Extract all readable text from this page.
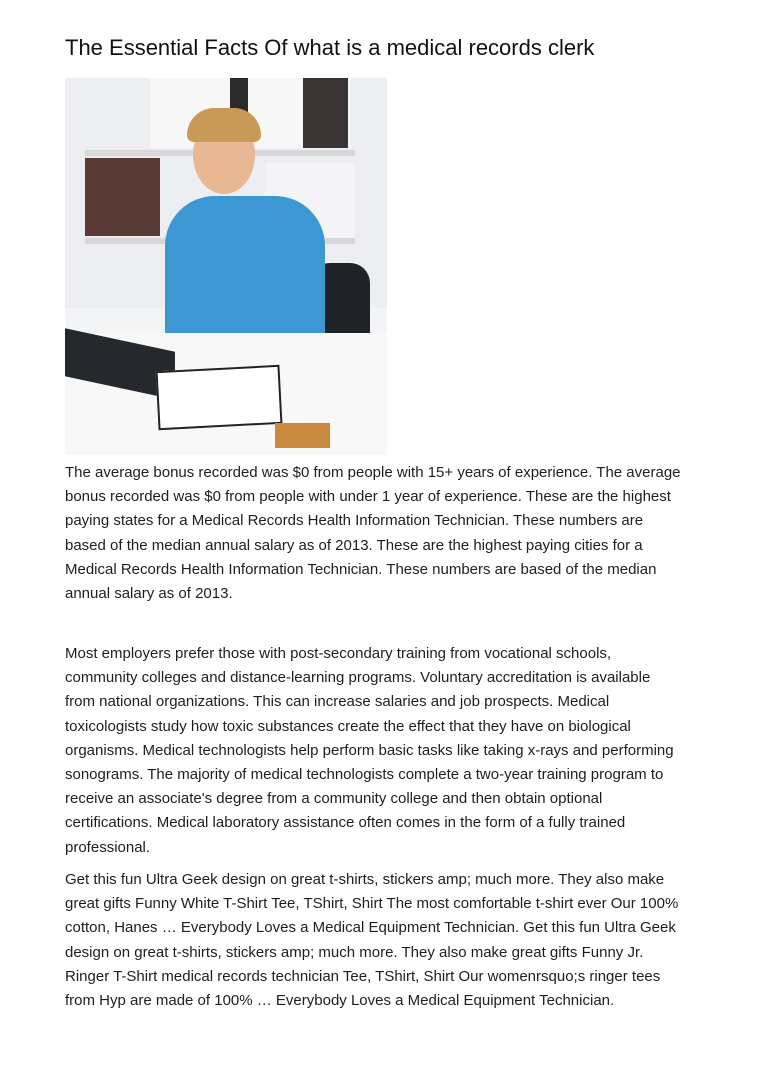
The Essential Facts Of what is a medical records clerk
The average bonus recorded was $0 from people with 15+ years of experience. The average
bonus recorded was $0 from people with under 1 year of experience. These are the highest
paying states for a Medical Records Health Information Technician. These numbers are
based of the median annual salary as of 2013. These are the highest paying cities for a
Medical Records Health Information Technician. These numbers are based of the median
annual salary as of 2013.
Most employers prefer those with post-secondary training from vocational schools,
community colleges and distance-learning programs. Voluntary accreditation is available
from national organizations. This can increase salaries and job prospects. Medical
toxicologists study how toxic substances create the effect that they have on biological
organisms. Medical technologists help perform basic tasks like taking x-rays and performing
sonograms. The majority of medical technologists complete a two-year training program to
receive an associate's degree from a community college and then obtain optional
certifications. Medical laboratory assistance often comes in the form of a fully trained
professional.
Get this fun Ultra Geek design on great t-shirts, stickers amp; much more. They also make
great gifts Funny White T-Shirt Tee, TShirt, Shirt The most comfortable t-shirt ever Our 100%
cotton, Hanes … Everybody Loves a Medical Equipment Technician. Get this fun Ultra Geek
design on great t-shirts, stickers amp; much more. They also make great gifts Funny Jr.
Ringer T-Shirt medical records technician Tee, TShirt, Shirt Our womenrsquo;s ringer tees
from Hyp are made of 100% … Everybody Loves a Medical Equipment Technician.
